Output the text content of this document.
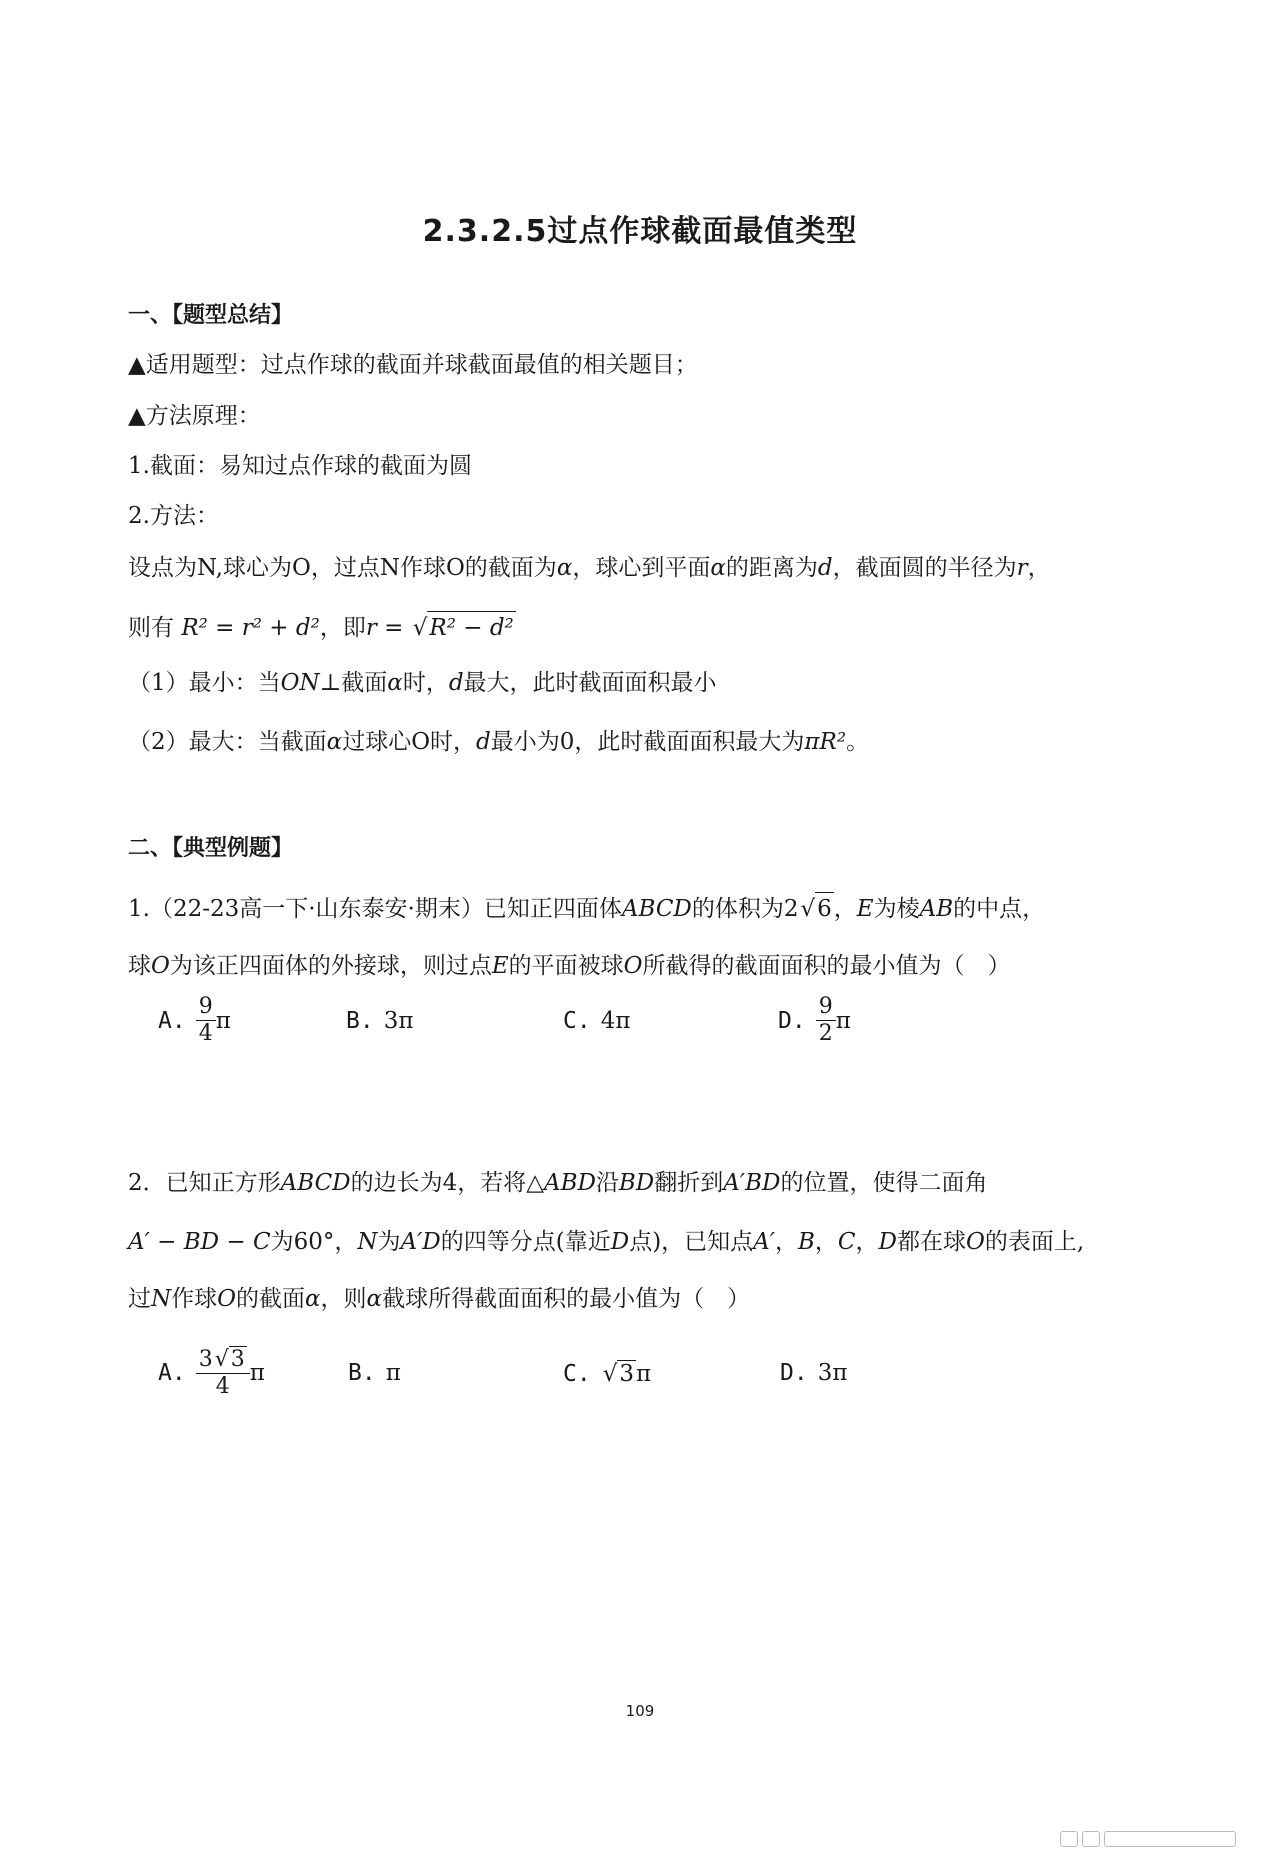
2.3.2.5过点作球截面最值类型
一、【题型总结】
▲适用题型：过点作球的截面并球截面最值的相关题目；
▲方法原理：
1.截面：易知过点作球的截面为圆
2.方法：
设点为N,球心为O，过点N作球O的截面为α，球心到平面α的距离为d，截面圆的半径为r，
则有 R² = r² + d²，即r = √R² − d²
（1）最小：当ON⊥截面α时，d最大，此时截面面积最小
（2）最大：当截面α过球心O时，d最小为0，此时截面面积最大为πR²。
二、【典型例题】
1.（22-23高一下·山东泰安·期末）已知正四面体ABCD的体积为2√6，E为棱AB的中点，
球O为该正四面体的外接球，则过点E的平面被球O所截得的截面面积的最小值为（　）
A. $\frac{9}{4}$ π	B. 3π	C. 4π	D. $\frac{9}{2}$ π
2．已知正方形ABCD的边长为4，若将△ABD沿BD翻折到A′BD的位置，使得二面角
A′ − BD − C为60°，N为A′D的四等分点(靠近D点)，已知点A′，B，C，D都在球O的表面上,
过N作球O的截面α，则α截球所得截面面积的最小值为（　）
A. $\frac{3√3}{4}$ π	B. π	C. √3 π	D. 3π
109
